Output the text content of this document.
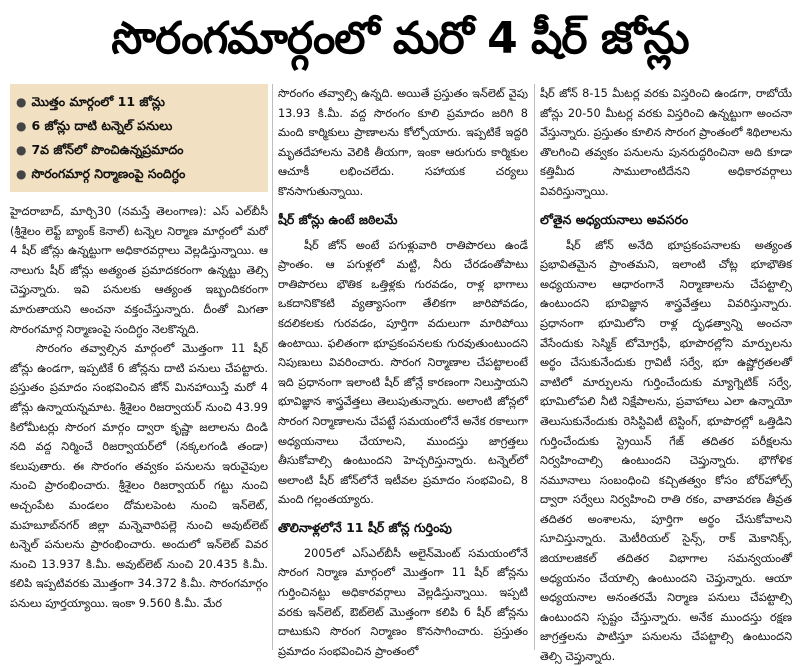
సొరంగమార్గంలో మరో 4 షీర్ జోన్లు
● మొత్తం మార్గంలో 11 జోన్లు
● 6 జోన్లు దాటి టన్నెల్ పనులు
● 7వ జోన్‌లో పొంచిఉన్నప్రమాదం
● సొరంగమార్గ నిర్మాణంపై సందిగ్ధం

హైదరాబాద్, మార్చి30 (నమస్తే తెలంగాణ): ఎస్ ఎల్‌బీసీ (శ్రీశైలం లెఫ్ట్ బ్యాంక్ కెనాల్) టన్నెల నిర్మాణ మార్గంలో మరో 4 షీర్ జోన్లు ఉన్నట్టుగా అధికారవర్గాలు వెల్లడిస్తున్నాయి. ఆ నాలుగు షీర్ జోన్లు అత్యంత ప్రమాదకరంగా ఉన్నట్టు తెల్సి చెప్తున్నారు. ఇవి పనులకు ఆత్యంత ఇబ్బందికరంగా మారుతాయని అంచనా వక్తంచేస్తున్నారు. దీంతో మిగతా సొరంగమార్గ నిర్మాణంపై సందిగ్ధం నెలకొన్నది.

సొరంగం తవ్వాల్సిన మార్గంలో మొత్తంగా 11 షీర్ జోన్లు ఉండగా, ఇప్పటికే 6 జోన్లను దాటి పనులు చేపట్టారు. ప్రస్తుతం ప్రమాదం సంభవించిన జోన్ మినహాయిస్తే మరో 4 జోన్లు ఉన్నాయన్నమాట. శ్రీశైలం రిజర్వాయర్ నుంచి 43.99 కిలోమీటర్లు సొరంగ మార్గం ద్వారా కృష్ణా జలాలను దిండి నది వద్ద నిర్మించే రిజర్వాయర్‌లో (నక్కలగండి తండా) కలుపుతారు. ఈ సొరంగం తవ్వకం పనులను ఇరువైపుల నుంచి ప్రారంభించారు. శ్రీశైలం రిజర్వాయర్ గట్టు నుంచి అచ్చంపేట మండలం దోమలపెంట నుంచి ఇన్‌లెట్, మహబూబ్‌నగర్ జిల్లా మన్నెవారిపల్లె నుంచి అవుట్‌లెట్ టన్నెల్ పనులను ప్రారంభించారు. అందులో ఇన్‌లెట్ వివర నుంచి 13.937 కి.మీ. అవుట్‌లెట్ నుంచి 20.435 కి.మీ. కలిపి ఇప్పటివరకు మొత్తంగా 34.372 కి.మీ. సొరంగమార్గం పనులు పూర్తయ్యాయి. ఇంకా 9.560 కి.మీ. మేర

సొరంగం తవ్వాల్సి ఉన్నది. అయితే ప్రస్తుతం ఇన్‌లెట్ వైపు 13.93 కి.మీ. వద్ద సొరంగం కూలి ప్రమాదం జరిగి 8 మంది కార్మికులు ప్రాణాలను కోల్పోయారు. ఇప్పటికే ఇద్దరి మృతదేహాలను వెలికి తీయగా, ఇంకా ఆరుగురు కార్మికుల ఆచూకీ లభించలేదు. సహాయక చర్యలు కొనసాగుతున్నాయి.

షీర్ జోన్లు ఉంటే జఠిలమే

షీర్ జోన్ అంటే పగుళ్లువారి రాతిపొరలు ఉండే ప్రాంతం. ఆ పగుళ్లలో మట్టి, నీరు చేరడంతోపాటు రాతిపొరలు భౌతిక ఒత్తిళ్లకు గురవడం, రాళ్ల భాగాలు ఒకదానికొకటి వ్యత్యాసంగా తేలికగా జారిపోవడం, కదలికలకు గురవడం, పూర్తిగా వదులుగా మారిపోయి ఉంటాయి. ఫలితంగా భూప్రకంపనలకు గురవుతుంటుందని నిపుణులు వివరించారు. సొరంగ నిర్మాణాల చేపట్టాలంటే ఇది ప్రధానంగా ఇలాంటి షీర్ జోన్లే కారణంగా నిలుస్తాయని భూవిజ్ఞాన శాస్త్రవేత్తలు తెలుపుతున్నారు. అలాంటి జోన్లలో సొరంగ నిర్మాణాలను చేపట్టే సమయంలోనే అనేక రకాలుగా అధ్యయనాలు చేయాలని, ముందస్తు జాగ్రత్తలు తీసుకోవాల్సి ఉంటుందని హెచ్చరిస్తున్నారు. టన్నెల్‌లో అలాంటి షీర్ జోన్‌లోనే ఇటీవల ప్రమాదం సంభవించి, 8 మంది గల్లంతయ్యారు.

తొలినాళ్లలోనే 11 షీర్ జోన్ల గుర్తింపు

2005లో ఎస్ఎల్‌బీసీ అలైన్‌మెంట్ సమయంలోనే సొరంగ నిర్మాణ మార్గంలో మొత్తంగా 11 షీర్ జోన్లను గుర్తించినట్టు అధికారవర్గాలు వెల్లడిస్తున్నాయి. ఇప్పటి వరకు ఇన్‌లెట్, ఔట్‌లెట్ మొత్తంగా కలిపి 6 షీర్ జోన్లను దాటుకుని సొరంగ నిర్మాణం కొనసాగించారు. ప్రస్తుతం ప్రమాదం సంభవించిన ప్రాంతంలో

షీర్ జోన్ 8-15 మీటర్ల వరకు విస్తరించి ఉండగా, రాబోయే జోన్లు 20-50 మీటర్ల వరకు విస్తరించి ఉన్నట్టుగా అంచనా వేస్తున్నారు. ప్రస్తుతం కూలిన సొరంగ ప్రాంతంలో శిథిలాలను తొలగించి తవ్వకం పనులను పునరుద్ధరించినా అది కూడా కత్తిమీద సాములాంటిదేనని అధికారవర్గాలు వివరిస్తున్నాయి.

లోతైన అధ్యయనాలు అవసరం

షీర్ జోన్ అనేది భూప్రకంపనాలకు అత్యంత ప్రభావితమైన ప్రాంతమని, ఇలాంటి చోట్ల భూభౌతిక అధ్యయనాల ఆధారంగానే నిర్మాణాలను చేపట్టాల్సి ఉంటుందని భూవిజ్ఞాన శాస్త్రవేత్తలు వివరిస్తున్నారు. ప్రధానంగా భూమిలోని రాళ్ల దృఢత్వాన్ని అంచనా వేసేందుకు సెస్మిక్ టోమోగ్రఫీ, భూపొరల్లోని మార్పులను అర్థం చేసుకునేందుకు గ్రావిటీ సర్వే, భూ ఉష్ణోగ్రతలతో వాటిలో మార్పులను గుర్తించేందుకు మ్యాగ్నెటిక్ సర్వే, భూమిలోపలి నీటి నిక్షేపాలను, ప్రవాహాలు ఎలా ఉన్నాయో తెలుసుకునేందుకు రెసిస్టివిటీ టెస్టింగ్, భూపొరల్లో ఒత్తిడిని గుర్తించేందుకు స్ట్రెయిన్ గేజ్ తదితర పరీక్షలను నిర్వహించాల్సి ఉంటుందని చెప్తున్నారు. భౌగోళిక నమూనాలు సంబంధించి కచ్చితత్వం కోసం బోర్‌హోల్స్ ద్వారా సర్వేలు నిర్వహించి రాతి రకం, వాతావరణ తీవ్రత తదితర అంశాలను, పూర్తిగా అర్థం చేసుకోవాలని సూచిస్తున్నారు. మెటీరియల్ సైన్స్, రాక్ మెకానిక్స్, జియాలజికల్ తదితర విభాగాల సమన్వయంతో అధ్యయనం చేయాల్సి ఉంటుందని చెప్తున్నారు. ఆయా అధ్యయనాల అనంతరమే నిర్మాణ పనులు చేపట్టాల్సి ఉంటుందని స్పష్టం చేస్తున్నారు. అనేక ముందస్తు రక్షణ జాగ్రత్తలను పాటిస్తూ పనులను చేపట్టాల్సి ఉంటుందని తెల్సి చెప్తున్నారు.
